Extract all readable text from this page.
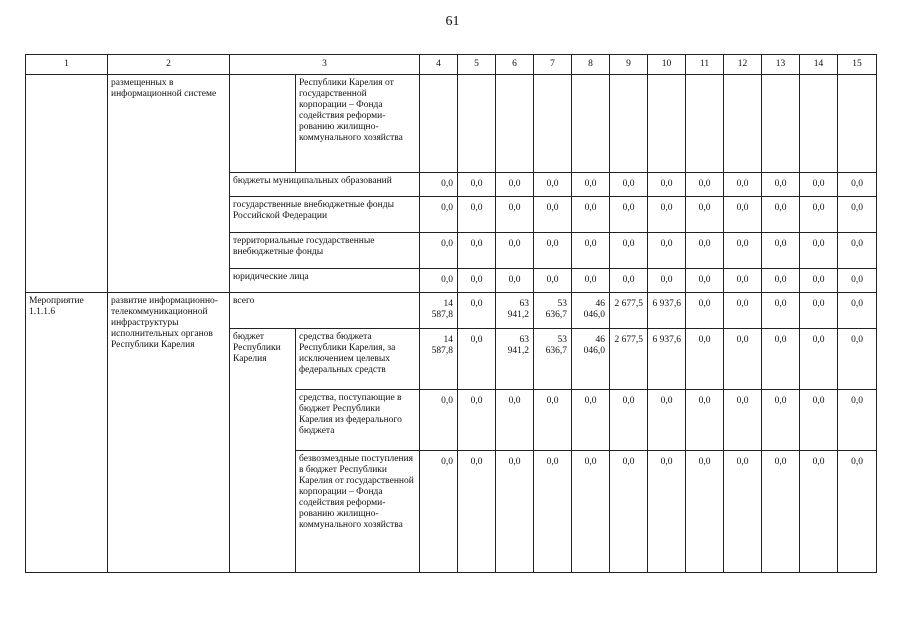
61
1	2	3		4	5	6	7	8	9	10	11	12	13	14	15
	размещенных в информационной системе		Республики Карелия от государственной корпорации – Фонда содействия реформи-рованию жилищно-коммунального хозяйства												
		бюджеты муниципальных образований		0,0	0,0	0,0	0,0	0,0	0,0	0,0	0,0	0,0	0,0	0,0	0,0
		государственные внебюджетные фонды Российской Федерации		0,0	0,0	0,0	0,0	0,0	0,0	0,0	0,0	0,0	0,0	0,0	0,0
		территориальные государственные внебюджетные фонды		0,0	0,0	0,0	0,0	0,0	0,0	0,0	0,0	0,0	0,0	0,0	0,0
		юридические лица		0,0	0,0	0,0	0,0	0,0	0,0	0,0	0,0	0,0	0,0	0,0	0,0
Мероприятие 1.1.1.6	развитие информационно-телекоммуникационной инфраструктуры исполнительных органов Республики Карелия	всего		14 587,8	0,0	63 941,2	53 636,7	46 046,0	2 677,5	6 937,6	0,0	0,0	0,0	0,0	0,0
		бюджет Республики Карелия	средства бюджета Республики Карелия, за исключением целевых федеральных средств	14 587,8	0,0	63 941,2	53 636,7	46 046,0	2 677,5	6 937,6	0,0	0,0	0,0	0,0	0,0
			средства, поступающие в бюджет Республики Карелия из федерального бюджета	0,0	0,0	0,0	0,0	0,0	0,0	0,0	0,0	0,0	0,0	0,0	0,0
			безвозмездные поступления в бюджет Республики Карелия от государственной корпорации – Фонда содействия реформи-рованию жилищно-коммунального хозяйства	0,0	0,0	0,0	0,0	0,0	0,0	0,0	0,0	0,0	0,0	0,0	0,0
